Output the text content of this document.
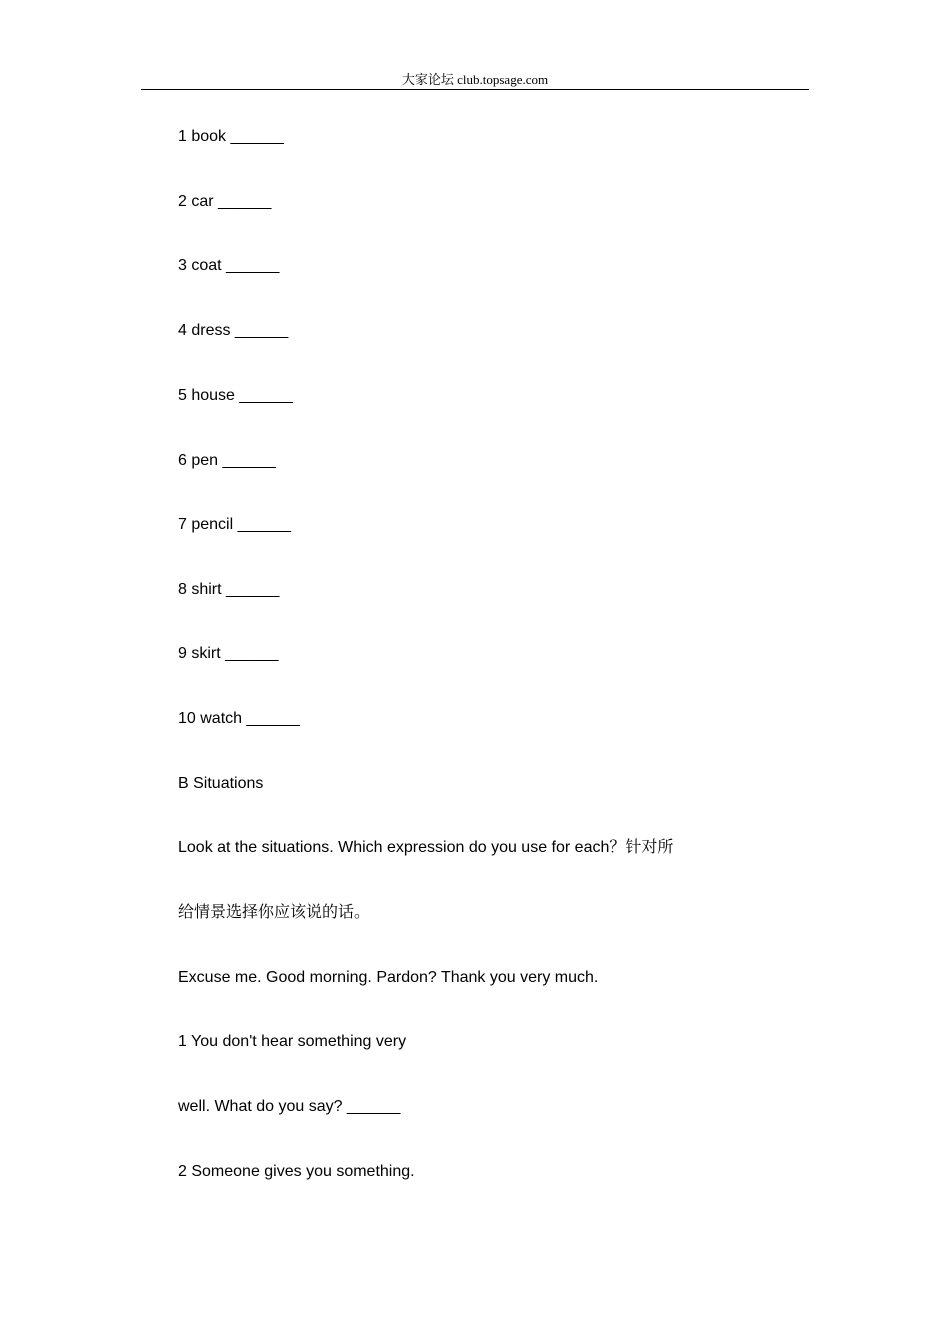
大家论坛 club.topsage.com
1 book ______
2 car ______
3 coat ______
4 dress ______
5 house ______
6 pen ______
7 pencil ______
8 shirt ______
9 skirt ______
10 watch ______
B Situations
Look at the situations. Which expression do you use for each？针对所
给情景选择你应该说的话。
Excuse me. Good morning. Pardon? Thank you very much.
1 You don't hear something very
well. What do you say? ______
2 Someone gives you something.
